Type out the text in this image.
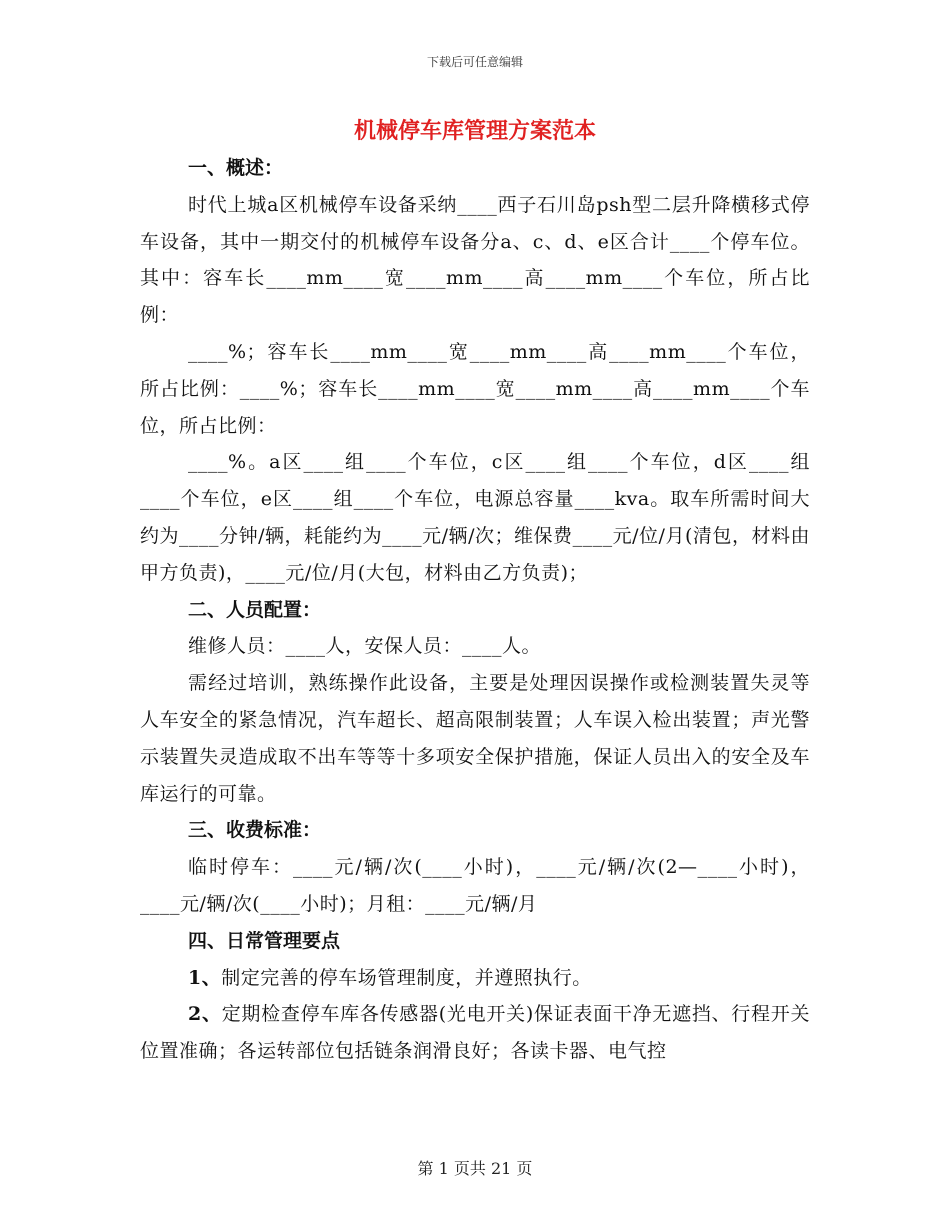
下载后可任意编辑
机械停车库管理方案范本

一、概述：

时代上城a区机械停车设备采纳____西子石川岛psh型二层升降横移式停车设备，其中一期交付的机械停车设备分a、c、d、e区合计____个停车位。其中：容车长____mm____宽____mm____高____mm____个车位，所占比例：

____%；容车长____mm____宽____mm____高____mm____个车位，所占比例：____%；容车长____mm____宽____mm____高____mm____个车位，所占比例：

____%。a区____组____个车位，c区____组____个车位，d区____组____个车位，e区____组____个车位，电源总容量____kva。取车所需时间大约为____分钟/辆，耗能约为____元/辆/次；维保费____元/位/月(清包，材料由甲方负责)，____元/位/月(大包，材料由乙方负责)；

二、人员配置：

维修人员：____人，安保人员：____人。

需经过培训，熟练操作此设备，主要是处理因误操作或检测装置失灵等人车安全的紧急情况，汽车超长、超高限制装置；人车误入检出装置；声光警示装置失灵造成取不出车等等十多项安全保护措施，保证人员出入的安全及车库运行的可靠。

三、收费标准：

临时停车：____元/辆/次(____小时)，____元/辆/次(2—____小时)，____元/辆/次(____小时)；月租：____元/辆/月

四、日常管理要点

1、制定完善的停车场管理制度，并遵照执行。

2、定期检查停车库各传感器(光电开关)保证表面干净无遮挡、行程开关位置准确；各运转部位包括链条润滑良好；各读卡器、电气控

第 1 页共 21 页
